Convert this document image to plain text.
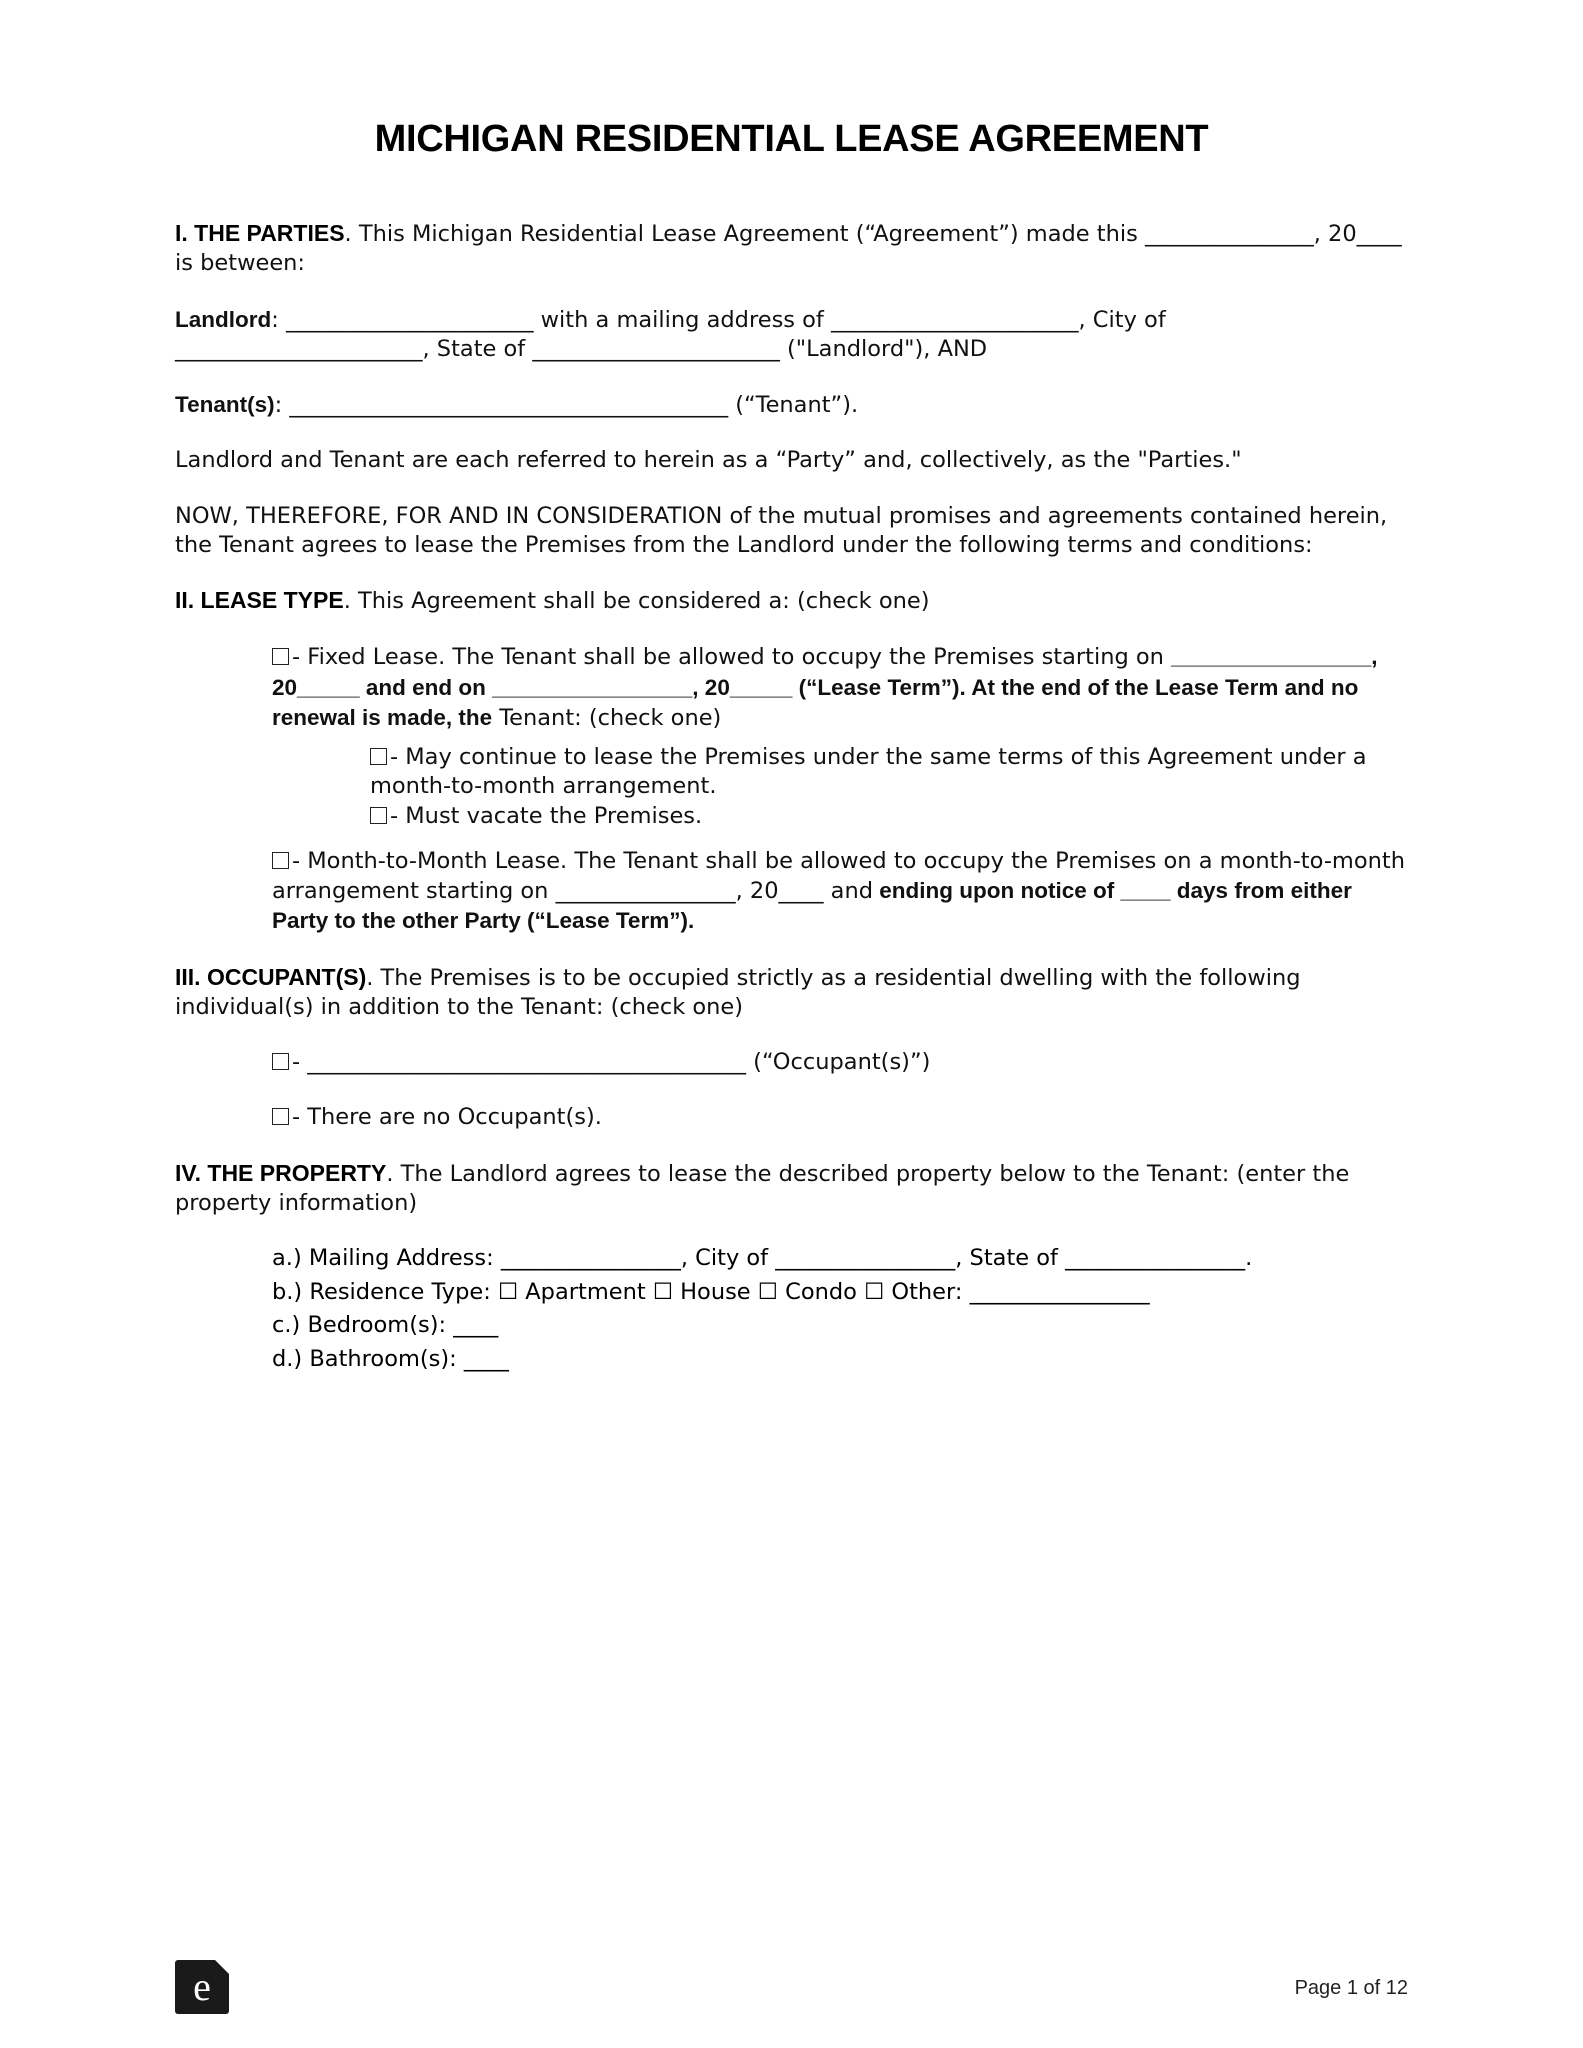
MICHIGAN RESIDENTIAL LEASE AGREEMENT

I. THE PARTIES. This Michigan Residential Lease Agreement (“Agreement”) made this _______________, 20____ is between:

Landlord: ______________________ with a mailing address of ______________________, City of ______________________, State of ______________________ ("Landlord"), AND

Tenant(s): _______________________________________ (“Tenant”).

Landlord and Tenant are each referred to herein as a “Party” and, collectively, as the "Parties."

NOW, THEREFORE, FOR AND IN CONSIDERATION of the mutual promises and agreements contained herein, the Tenant agrees to lease the Premises from the Landlord under the following terms and conditions:

II. LEASE TYPE. This Agreement shall be considered a: (check one)

- Fixed Lease. The Tenant shall be allowed to occupy the Premises starting on ________________, 20_____ and end on ________________, 20_____ (“Lease Term”). At the end of the Lease Term and no renewal is made, the Tenant: (check one)

- May continue to lease the Premises under the same terms of this Agreement under a month-to-month arrangement.

- Must vacate the Premises.

- Month-to-Month Lease. The Tenant shall be allowed to occupy the Premises on a month-to-month arrangement starting on ________________, 20____ and ending upon notice of ____ days from either Party to the other Party (“Lease Term”).

III. OCCUPANT(S). The Premises is to be occupied strictly as a residential dwelling with the following individual(s) in addition to the Tenant: (check one)

- _______________________________________ (“Occupant(s)”)

- There are no Occupant(s).

IV. THE PROPERTY. The Landlord agrees to lease the described property below to the Tenant: (enter the property information)

a.) Mailing Address: ________________, City of ________________, State of ________________.

b.) Residence Type: ☐ Apartment ☐ House ☐ Condo ☐ Other: ________________

c.) Bedroom(s): ____

d.) Bathroom(s): ____

e	Page 1 of 12
